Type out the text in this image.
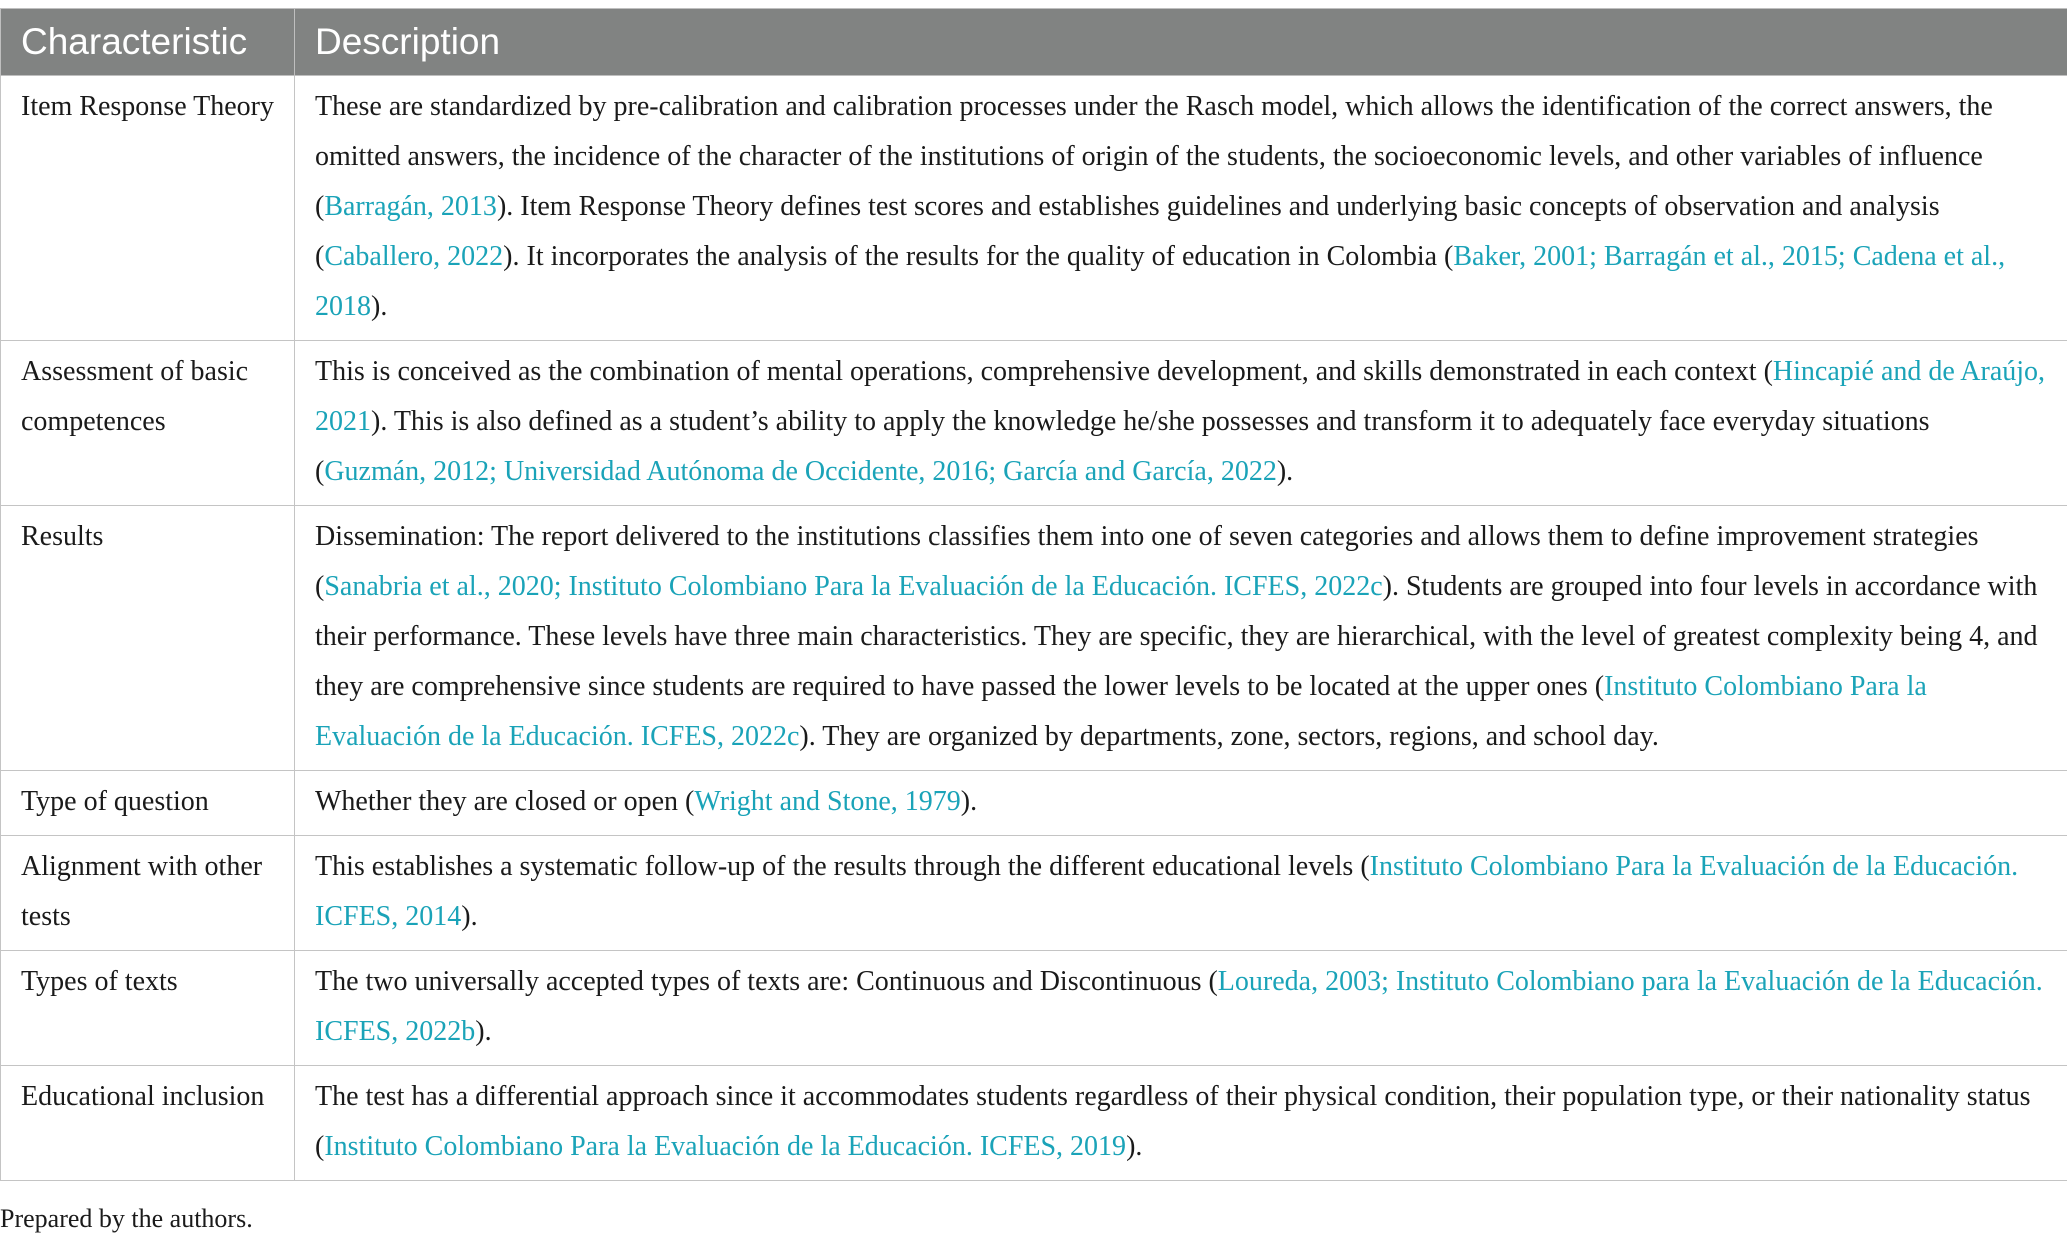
Characteristic	Description
Item Response Theory	These are standardized by pre-calibration and calibration processes under the Rasch model, which allows the identification of the correct answers, the omitted answers, the incidence of the character of the institutions of origin of the students, the socioeconomic levels, and other variables of influence (Barragán, 2013). Item Response Theory defines test scores and establishes guidelines and underlying basic concepts of observation and analysis (Caballero, 2022). It incorporates the analysis of the results for the quality of education in Colombia (Baker, 2001; Barragán et al., 2015; Cadena et al., 2018).
Assessment of basic competences	This is conceived as the combination of mental operations, comprehensive development, and skills demonstrated in each context (Hincapié and de Araújo, 2021). This is also defined as a student’s ability to apply the knowledge he/she possesses and transform it to adequately face everyday situations (Guzmán, 2012; Universidad Autónoma de Occidente, 2016; García and García, 2022).
Results	Dissemination: The report delivered to the institutions classifies them into one of seven categories and allows them to define improvement strategies (Sanabria et al., 2020; Instituto Colombiano Para la Evaluación de la Educación. ICFES, 2022c). Students are grouped into four levels in accordance with their performance. These levels have three main characteristics. They are specific, they are hierarchical, with the level of greatest complexity being 4, and they are comprehensive since students are required to have passed the lower levels to be located at the upper ones (Instituto Colombiano Para la Evaluación de la Educación. ICFES, 2022c). They are organized by departments, zone, sectors, regions, and school day.
Type of question	Whether they are closed or open (Wright and Stone, 1979).
Alignment with other tests	This establishes a systematic follow-up of the results through the different educational levels (Instituto Colombiano Para la Evaluación de la Educación. ICFES, 2014).
Types of texts	The two universally accepted types of texts are: Continuous and Discontinuous (Loureda, 2003; Instituto Colombiano para la Evaluación de la Educación. ICFES, 2022b).
Educational inclusion	The test has a differential approach since it accommodates students regardless of their physical condition, their population type, or their nationality status (Instituto Colombiano Para la Evaluación de la Educación. ICFES, 2019).
Prepared by the authors.
